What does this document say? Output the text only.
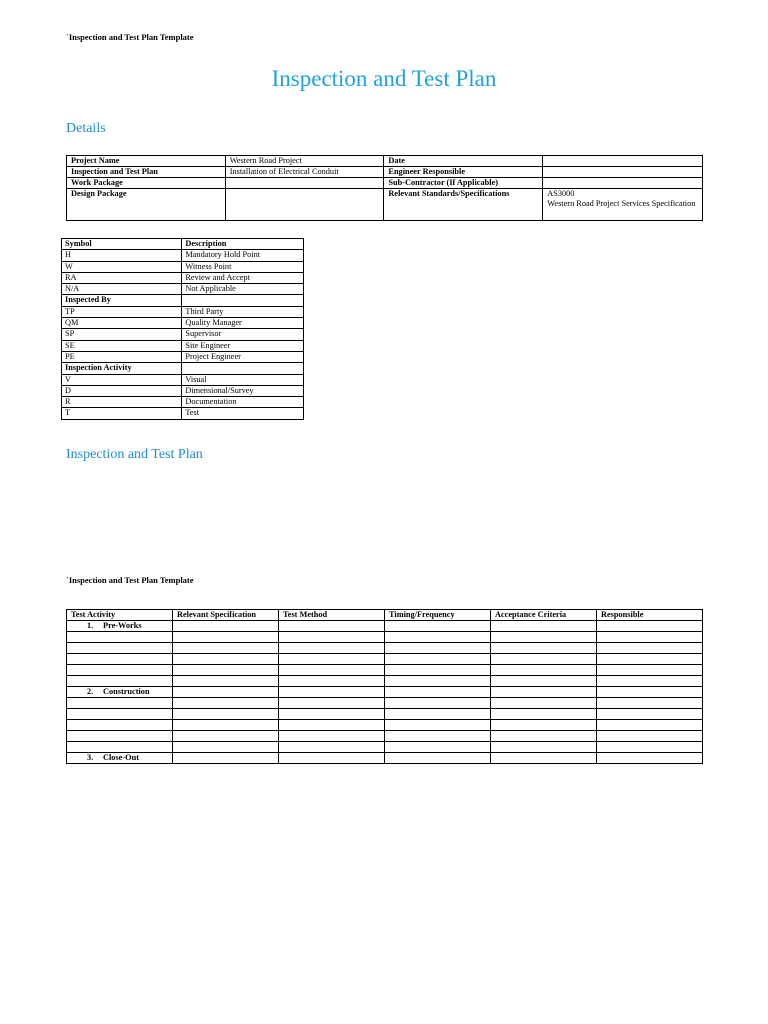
`Inspection and Test Plan Template
Inspection and Test Plan
Details
Project Name	Western Road Project	Date	
Inspection and Test Plan	Installation of Electrical Conduit	Engineer Responsible	
Work Package		Sub-Contractor (If Applicable)	
Design Package		Relevant Standards/Specifications	AS3000
Western Road Project Services Specification
Symbol	Description
H	Mandatory Hold Point
W	Witness Point
RA	Review and Accept
N/A	Not Applicable
Inspected By	
TP	Third Party
QM	Quality Manager
SP	Supervisor
SE	Site Engineer
PE	Project Engineer
Inspection Activity	
V	Visual
D	Dimensional/Survey
R	Documentation
T	Test
Inspection and Test Plan
`Inspection and Test Plan Template
Test Activity	Relevant Specification	Test Method	Timing/Frequency	Acceptance Criteria	Responsible
1. Pre-Works					

2. Construction					

3. Close-Out					
